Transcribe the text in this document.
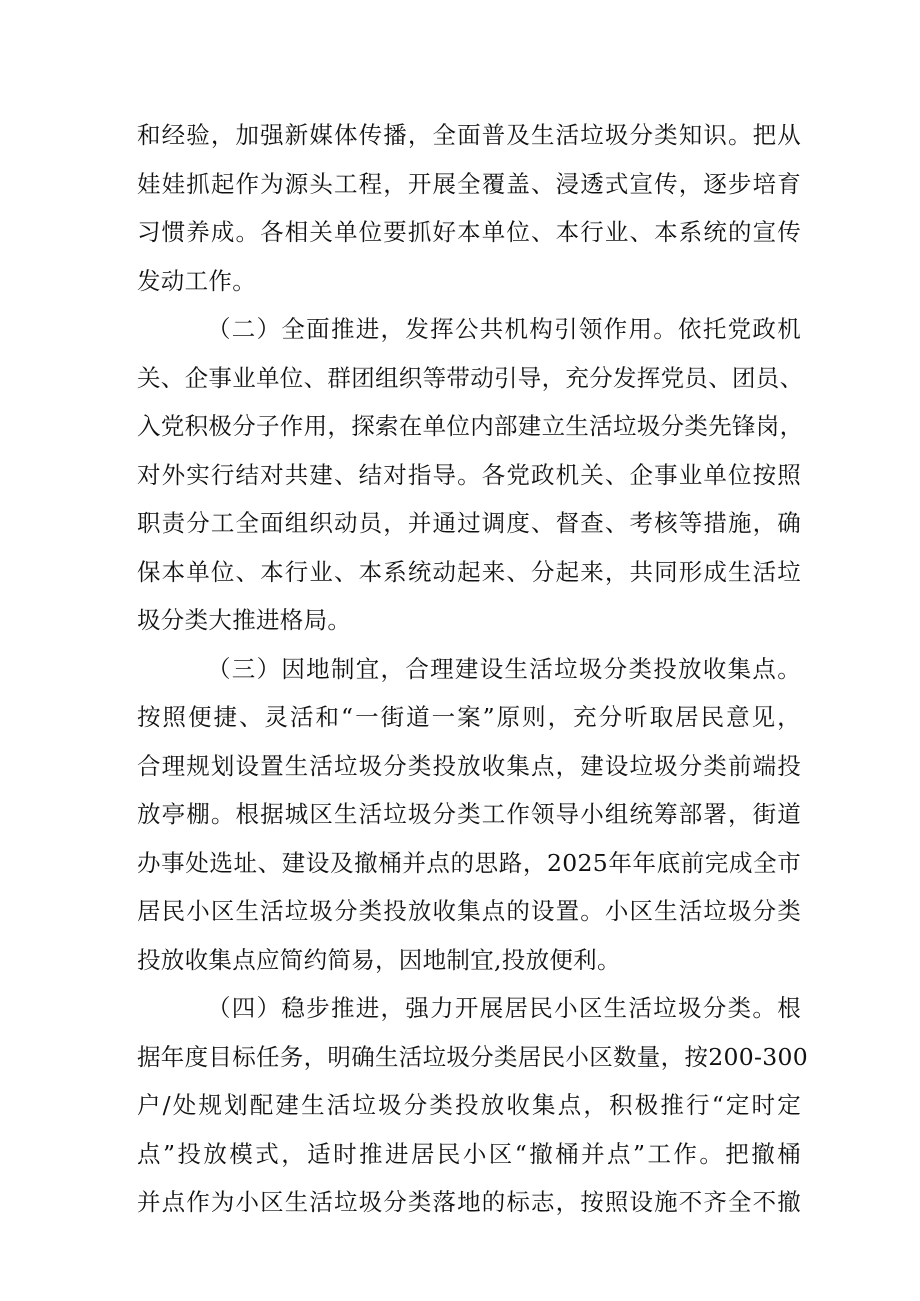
和经验，加强新媒体传播，全面普及生活垃圾分类知识。把从
娃娃抓起作为源头工程，开展全覆盖、浸透式宣传，逐步培育
习惯养成。各相关单位要抓好本单位、本行业、本系统的宣传
发动工作。
（二）全面推进，发挥公共机构引领作用。依托党政机
关、企事业单位、群团组织等带动引导，充分发挥党员、团员、
入党积极分子作用，探索在单位内部建立生活垃圾分类先锋岗，
对外实行结对共建、结对指导。各党政机关、企事业单位按照
职责分工全面组织动员，并通过调度、督查、考核等措施，确
保本单位、本行业、本系统动起来、分起来，共同形成生活垃
圾分类大推进格局。
（三）因地制宜，合理建设生活垃圾分类投放收集点。
按照便捷、灵活和“一街道一案”原则，充分听取居民意见，
合理规划设置生活垃圾分类投放收集点，建设垃圾分类前端投
放亭棚。根据城区生活垃圾分类工作领导小组统筹部署，街道
办事处选址、建设及撤桶并点的思路，2025年年底前完成全市
居民小区生活垃圾分类投放收集点的设置。小区生活垃圾分类
投放收集点应简约简易，因地制宜,投放便利。
（四）稳步推进，强力开展居民小区生活垃圾分类。根
据年度目标任务，明确生活垃圾分类居民小区数量，按200-300
户/处规划配建生活垃圾分类投放收集点，积极推行“定时定
点”投放模式，适时推进居民小区“撤桶并点”工作。把撤桶
并点作为小区生活垃圾分类落地的标志，按照设施不齐全不撤
